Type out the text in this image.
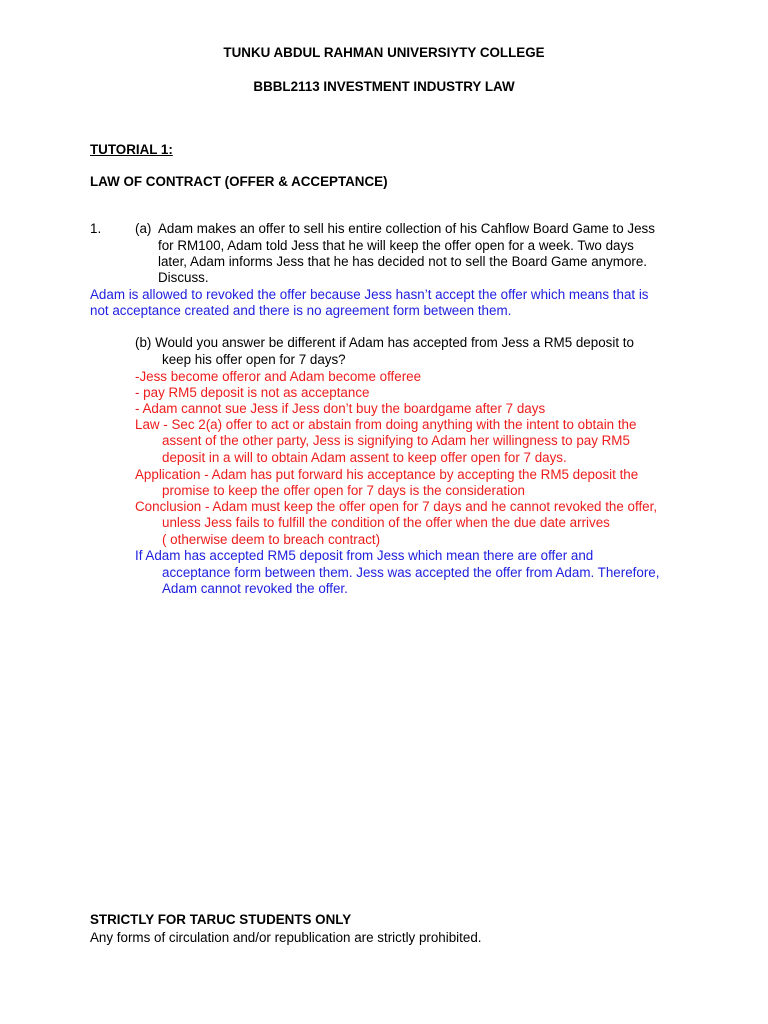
TUNKU ABDUL RAHMAN UNIVERSIYTY COLLEGE
BBBL2113 INVESTMENT INDUSTRY LAW
TUTORIAL 1:
LAW OF CONTRACT (OFFER & ACCEPTANCE)
1.	(a) Adam makes an offer to sell his entire collection of his Cahflow Board Game to Jess
for RM100, Adam told Jess that he will keep the offer open for a week. Two days
later, Adam informs Jess that he has decided not to sell the Board Game anymore.
Discuss.
Adam is allowed to revoked the offer because Jess hasn’t accept the offer which means that is
not acceptance created and there is no agreement form between them.
(b) Would you answer be different if Adam has accepted from Jess a RM5 deposit to
keep his offer open for 7 days?
-Jess become offeror and Adam become offeree
- pay RM5 deposit is not as acceptance
- Adam cannot sue Jess if Jess don’t buy the boardgame after 7 days
Law - Sec 2(a) offer to act or abstain from doing anything with the intent to obtain the
assent of the other party, Jess is signifying to Adam her willingness to pay RM5
deposit in a will to obtain Adam assent to keep offer open for 7 days.
Application - Adam has put forward his acceptance by accepting the RM5 deposit the
promise to keep the offer open for 7 days is the consideration
Conclusion - Adam must keep the offer open for 7 days and he cannot revoked the offer,
unless Jess fails to fulfill the condition of the offer when the due date arrives
( otherwise deem to breach contract)
If Adam has accepted RM5 deposit from Jess which mean there are offer and
acceptance form between them. Jess was accepted the offer from Adam. Therefore,
Adam cannot revoked the offer.
STRICTLY FOR TARUC STUDENTS ONLY
Any forms of circulation and/or republication are strictly prohibited.
